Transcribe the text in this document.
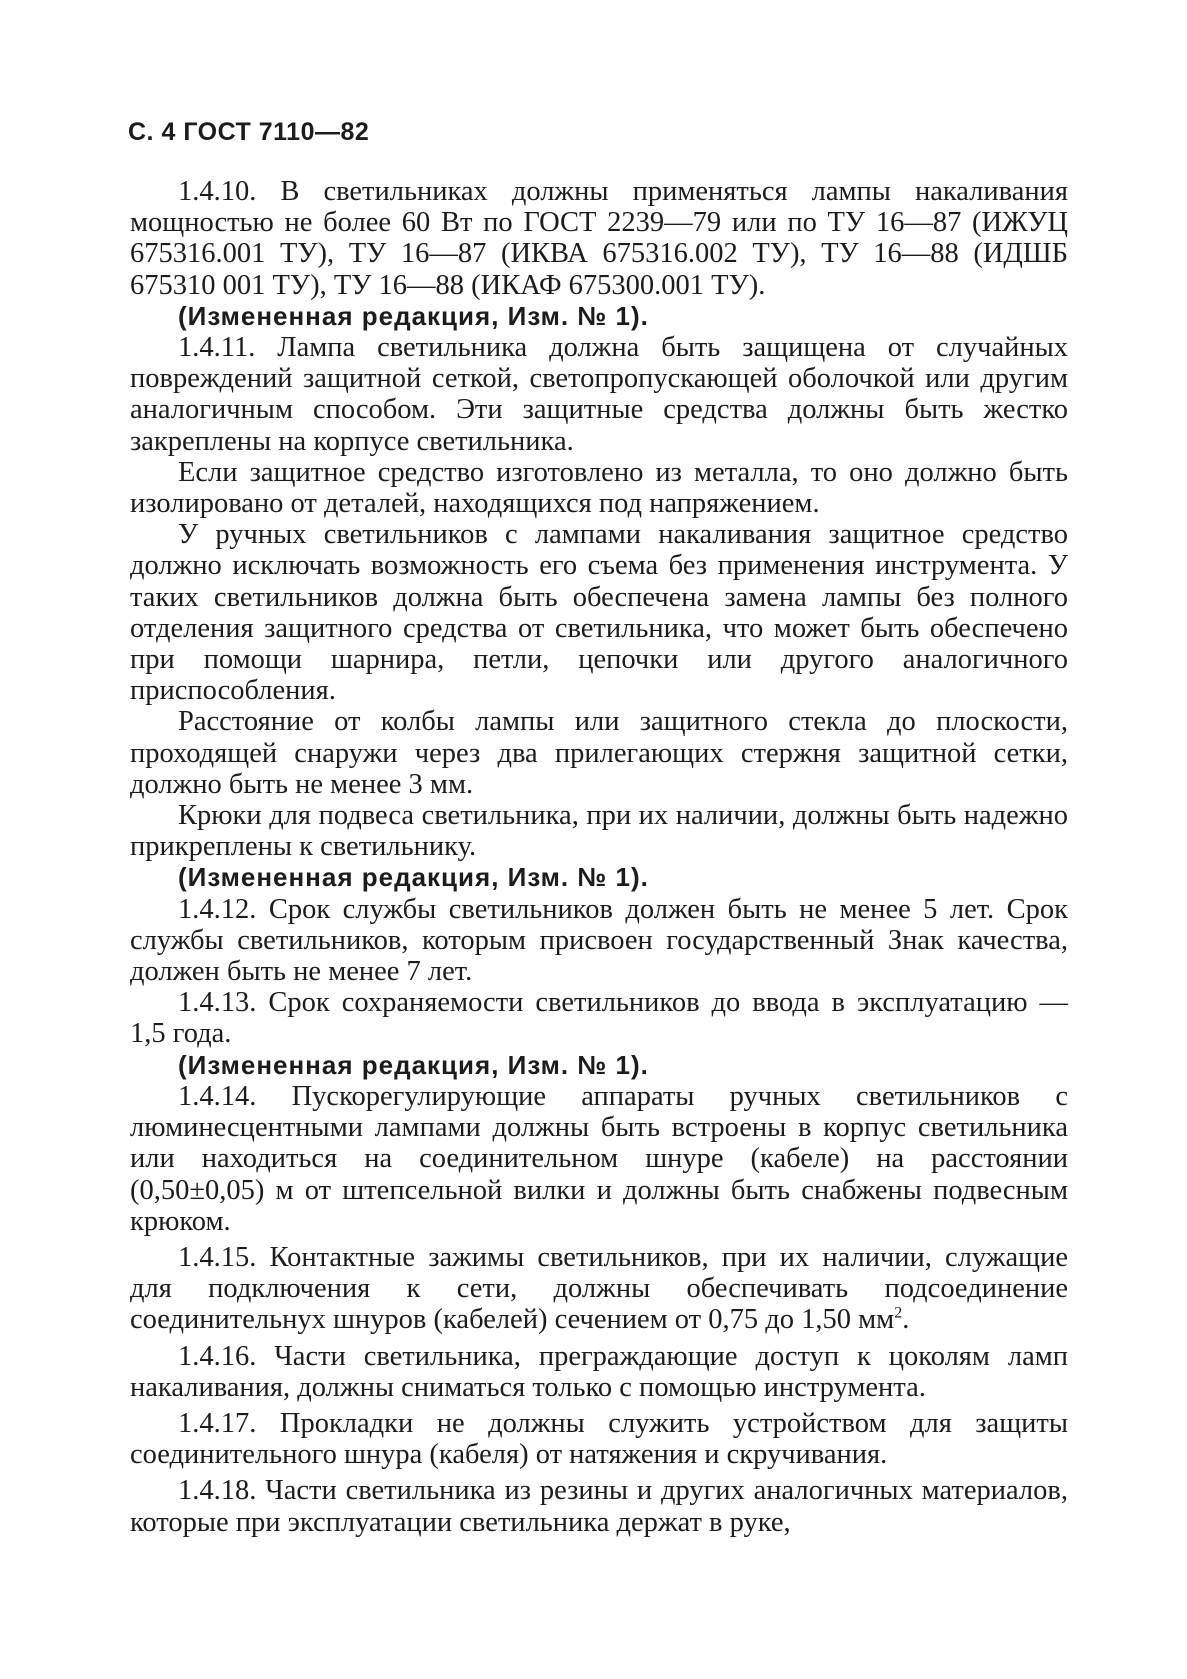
С. 4 ГОСТ 7110—82

1.4.10. В светильниках должны применяться лампы накаливания мощностью не более 60 Вт по ГОСТ 2239—79 или по ТУ 16—87 (ИЖУЦ 675316.001 ТУ), ТУ 16—87 (ИКВА 675316.002 ТУ), ТУ 16—88 (ИДШБ 675310 001 ТУ), ТУ 16—88 (ИКАФ 675300.001 ТУ).

(Измененная редакция, Изм. № 1).

1.4.11. Лампа светильника должна быть защищена от случайных повреждений защитной сеткой, светопропускающей оболочкой или другим аналогичным способом. Эти защитные средства должны быть жестко закреплены на корпусе светильника.

Если защитное средство изготовлено из металла, то оно должно быть изолировано от деталей, находящихся под напряжением.

У ручных светильников с лампами накаливания защитное средство должно исключать возможность его съема без применения инструмента. У таких светильников должна быть обеспечена замена лампы без полного отделения защитного средства от светильника, что может быть обеспечено при помощи шарнира, петли, цепочки или другого аналогичного приспособления.

Расстояние от колбы лампы или защитного стекла до плоскости, проходящей снаружи через два прилегающих стержня защитной сетки, должно быть не менее 3 мм.

Крюки для подвеса светильника, при их наличии, должны быть надежно прикреплены к светильнику.

(Измененная редакция, Изм. № 1).

1.4.12. Срок службы светильников должен быть не менее 5 лет. Срок службы светильников, которым присвоен государственный Знак качества, должен быть не менее 7 лет.

1.4.13. Срок сохраняемости светильников до ввода в эксплуатацию — 1,5 года.

(Измененная редакция, Изм. № 1).

1.4.14. Пускорегулирующие аппараты ручных светильников с люминесцентными лампами должны быть встроены в корпус светильника или находиться на соединительном шнуре (кабеле) на расстоянии (0,50±0,05) м от штепсельной вилки и должны быть снабжены подвесным крюком.

1.4.15. Контактные зажимы светильников, при их наличии, служащие для подключения к сети, должны обеспечивать подсоединение соединительнух шнуров (кабелей) сечением от 0,75 до 1,50 $мм^2$.

1.4.16. Части светильника, преграждающие доступ к цоколям ламп накаливания, должны сниматься только с помощью инструмента.

1.4.17. Прокладки не должны служить устройством для защиты соединительного шнура (кабеля) от натяжения и скручивания.

1.4.18. Части светильника из резины и других аналогичных материалов, которые при эксплуатации светильника держат в руке,
